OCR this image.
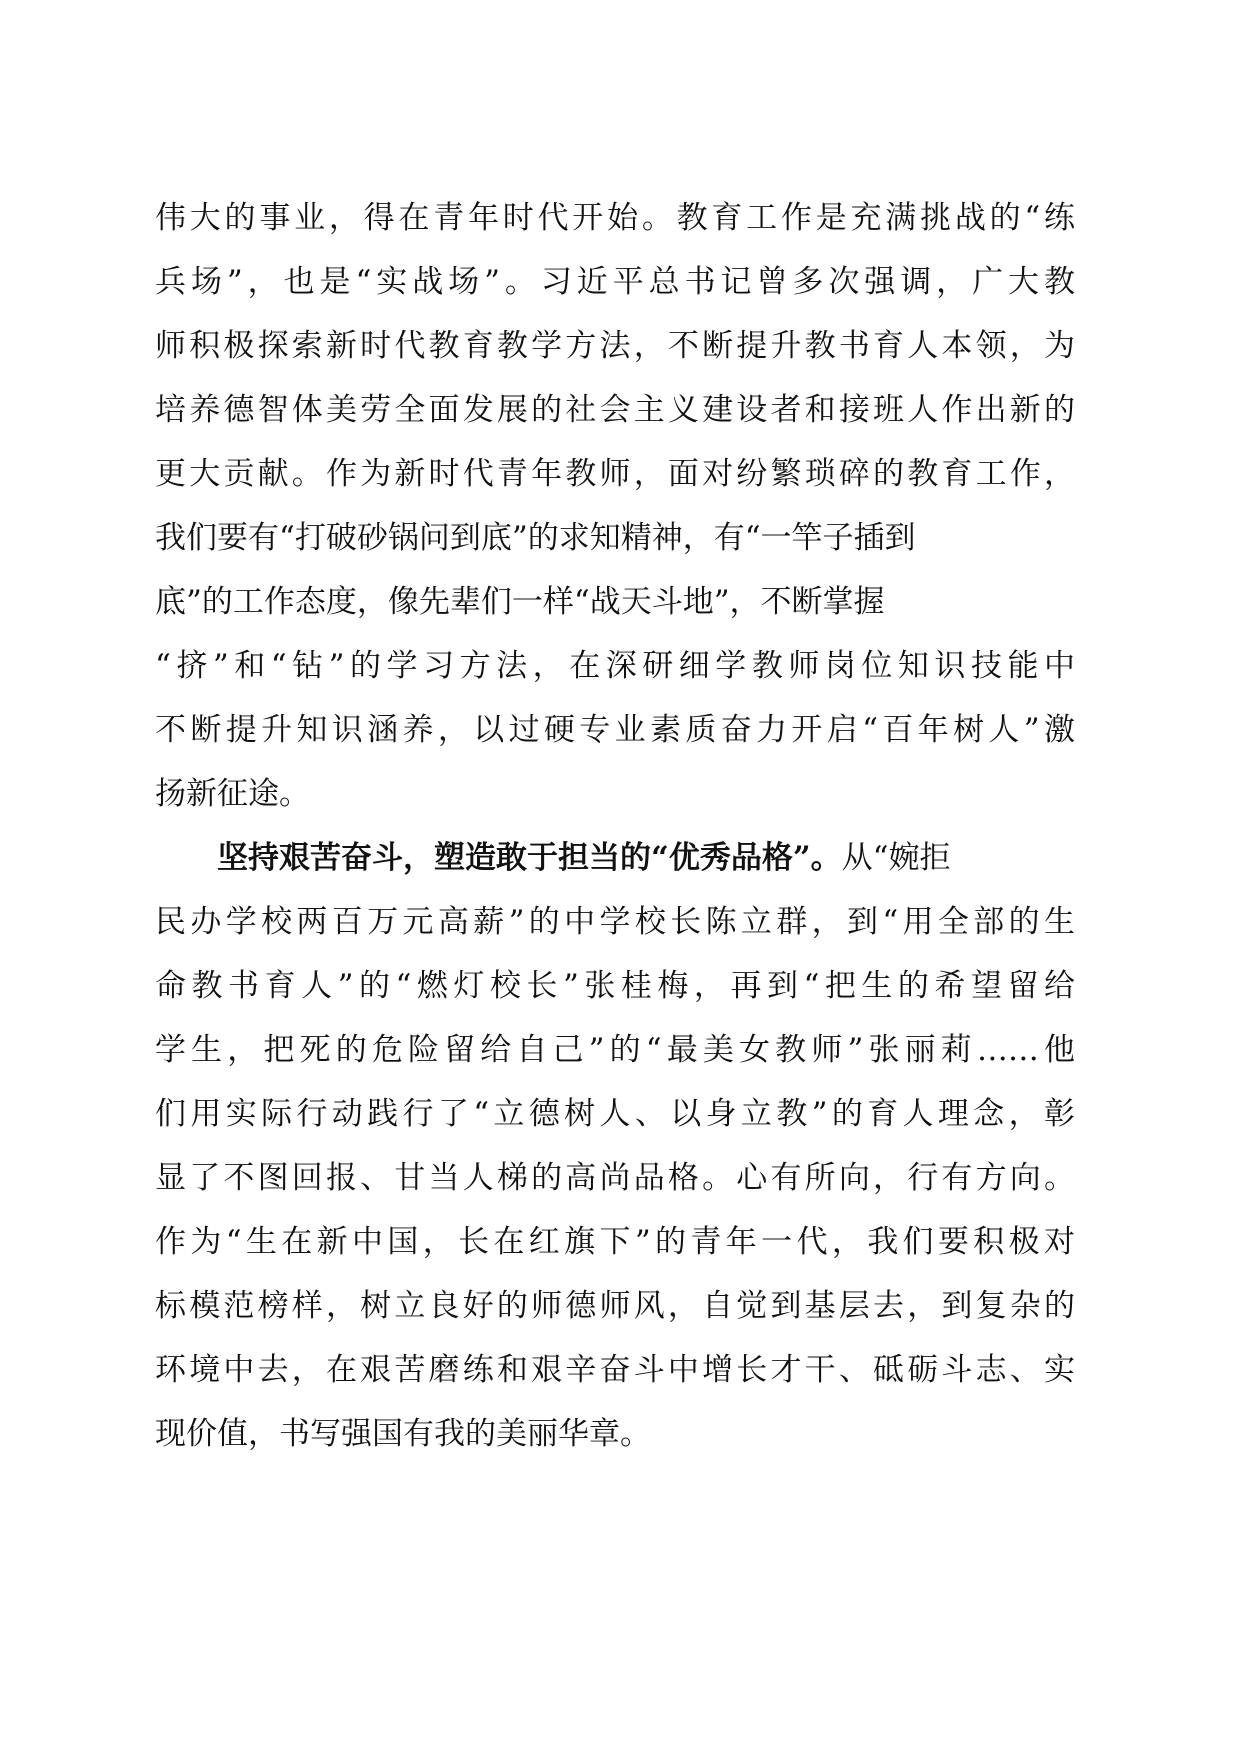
伟大的事业，得在青年时代开始。教育工作是充满挑战的“练
兵场”，也是“实战场”。习近平总书记曾多次强调，广大教
师积极探索新时代教育教学方法，不断提升教书育人本领，为
培养德智体美劳全面发展的社会主义建设者和接班人作出新的
更大贡献。作为新时代青年教师，面对纷繁琐碎的教育工作，
我们要有“打破砂锅问到底”的求知精神，有“一竿子插到
底”的工作态度，像先辈们一样“战天斗地”，不断掌握
“挤”和“钻”的学习方法，在深研细学教师岗位知识技能中
不断提升知识涵养，以过硬专业素质奋力开启“百年树人”激
扬新征途。
坚持艰苦奋斗，塑造敢于担当的“优秀品格”。从“婉拒
民办学校两百万元高薪”的中学校长陈立群，到“用全部的生
命教书育人”的“燃灯校长”张桂梅，再到“把生的希望留给
学生，把死的危险留给自己”的“最美女教师”张丽莉……他
们用实际行动践行了“立德树人、以身立教”的育人理念，彰
显了不图回报、甘当人梯的高尚品格。心有所向，行有方向。
作为“生在新中国，长在红旗下”的青年一代，我们要积极对
标模范榜样，树立良好的师德师风，自觉到基层去，到复杂的
环境中去，在艰苦磨练和艰辛奋斗中增长才干、砥砺斗志、实
现价值，书写强国有我的美丽华章。
